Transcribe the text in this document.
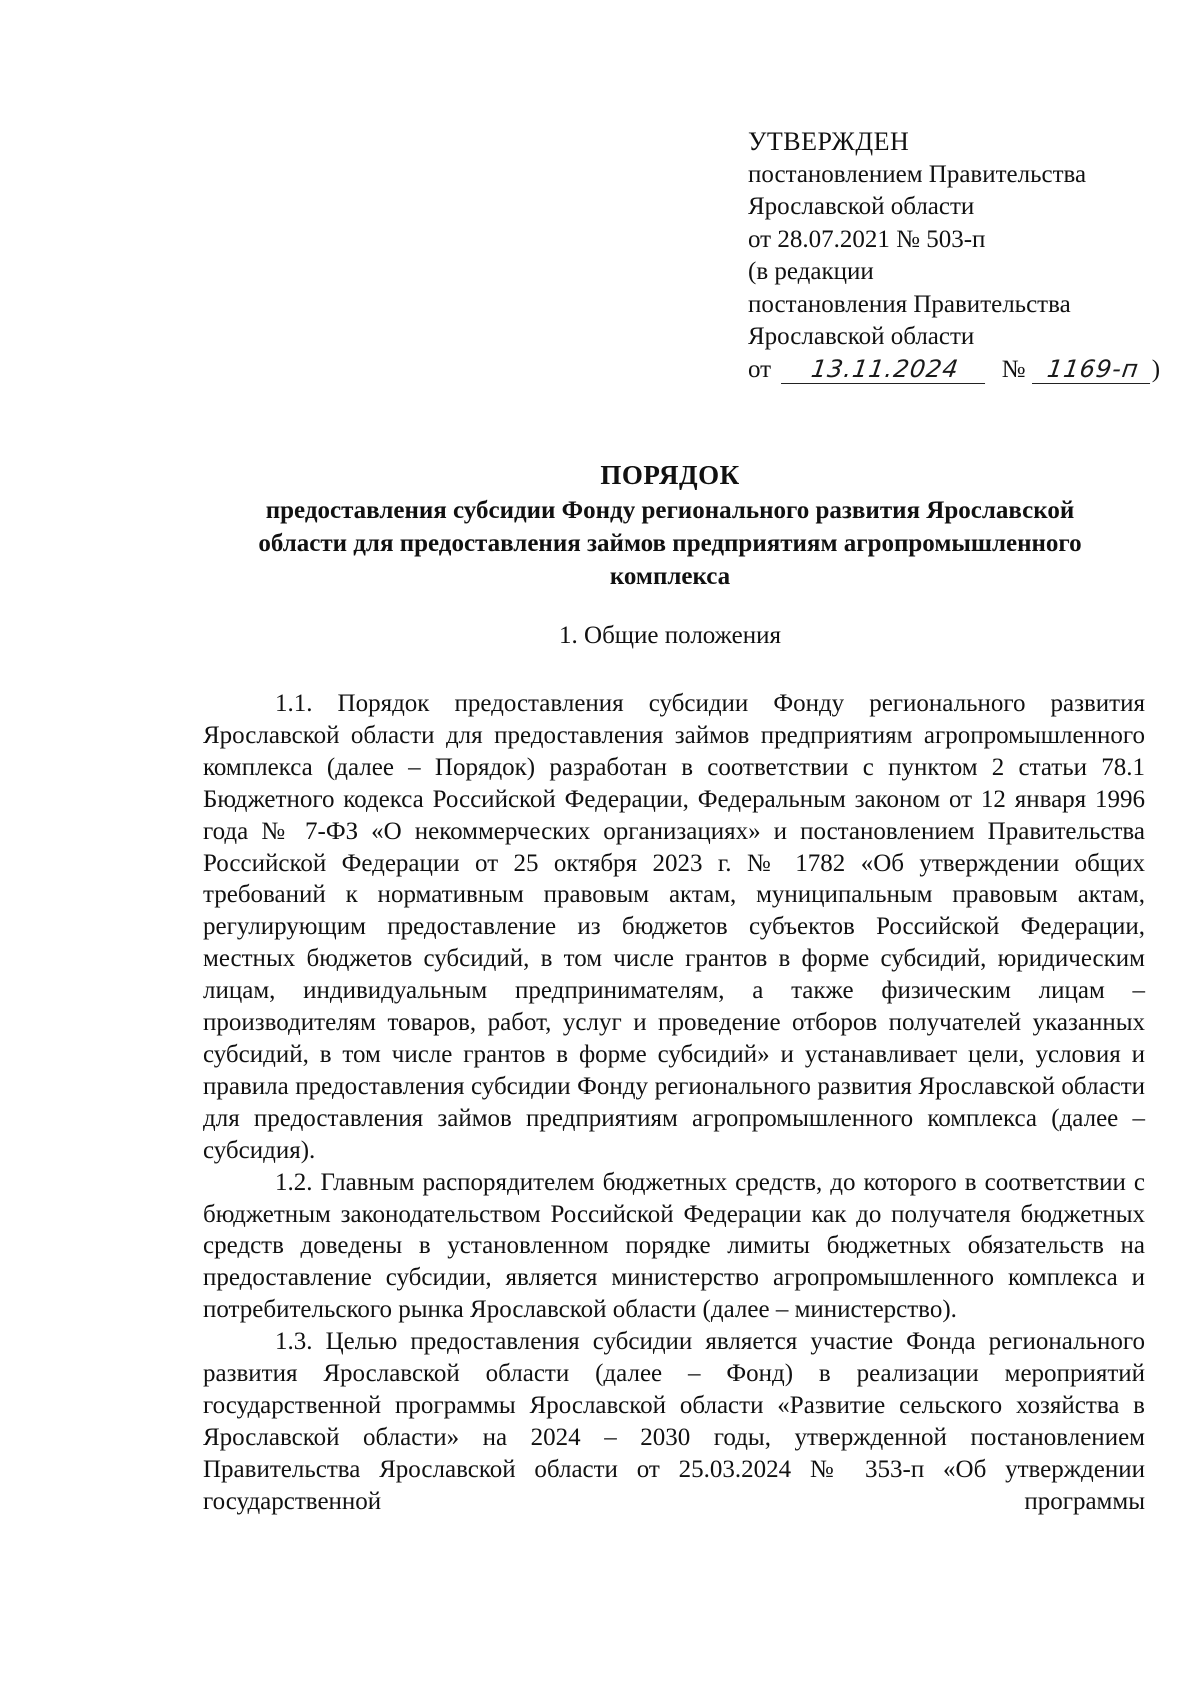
УТВЕРЖДЕН
постановлением Правительства
Ярославской области
от 28.07.2021 № 503-п
(в редакции
постановления Правительства
Ярославской области
от 13.11.2024 № 1169-п )
ПОРЯДОК
предоставления субсидии Фонду регионального развития Ярославской
области для предоставления займов предприятиям агропромышленного
комплекса
1. Общие положения

1.1. Порядок предоставления субсидии Фонду регионального развития Ярославской области для предоставления займов предприятиям агропромышленного комплекса (далее – Порядок) разработан в соответствии с пунктом 2 статьи 78.1 Бюджетного кодекса Российской Федерации, Федеральным законом от 12 января 1996 года № 7-ФЗ «О некоммерческих организациях» и постановлением Правительства Российской Федерации от 25 октября 2023 г. № 1782 «Об утверждении общих требований к нормативным правовым актам, муниципальным правовым актам, регулирующим предоставление из бюджетов субъектов Российской Федерации, местных бюджетов субсидий, в том числе грантов в форме субсидий, юридическим лицам, индивидуальным предпринимателям, а также физическим лицам – производителям товаров, работ, услуг и проведение отборов получателей указанных субсидий, в том числе грантов в форме субсидий» и устанавливает цели, условия и правила предоставления субсидии Фонду регионального развития Ярославской области для предоставления займов предприятиям агропромышленного комплекса (далее – субсидия).

1.2. Главным распорядителем бюджетных средств, до которого в соответствии с бюджетным законодательством Российской Федерации как до получателя бюджетных средств доведены в установленном порядке лимиты бюджетных обязательств на предоставление субсидии, является министерство агропромышленного комплекса и потребительского рынка Ярославской области (далее – министерство).

1.3. Целью предоставления субсидии является участие Фонда регионального развития Ярославской области (далее – Фонд) в реализации мероприятий государственной программы Ярославской области «Развитие сельского хозяйства в Ярославской области» на 2024 – 2030 годы, утвержденной постановлением Правительства Ярославской области от 25.03.2024 № 353-п «Об утверждении государственной программы
